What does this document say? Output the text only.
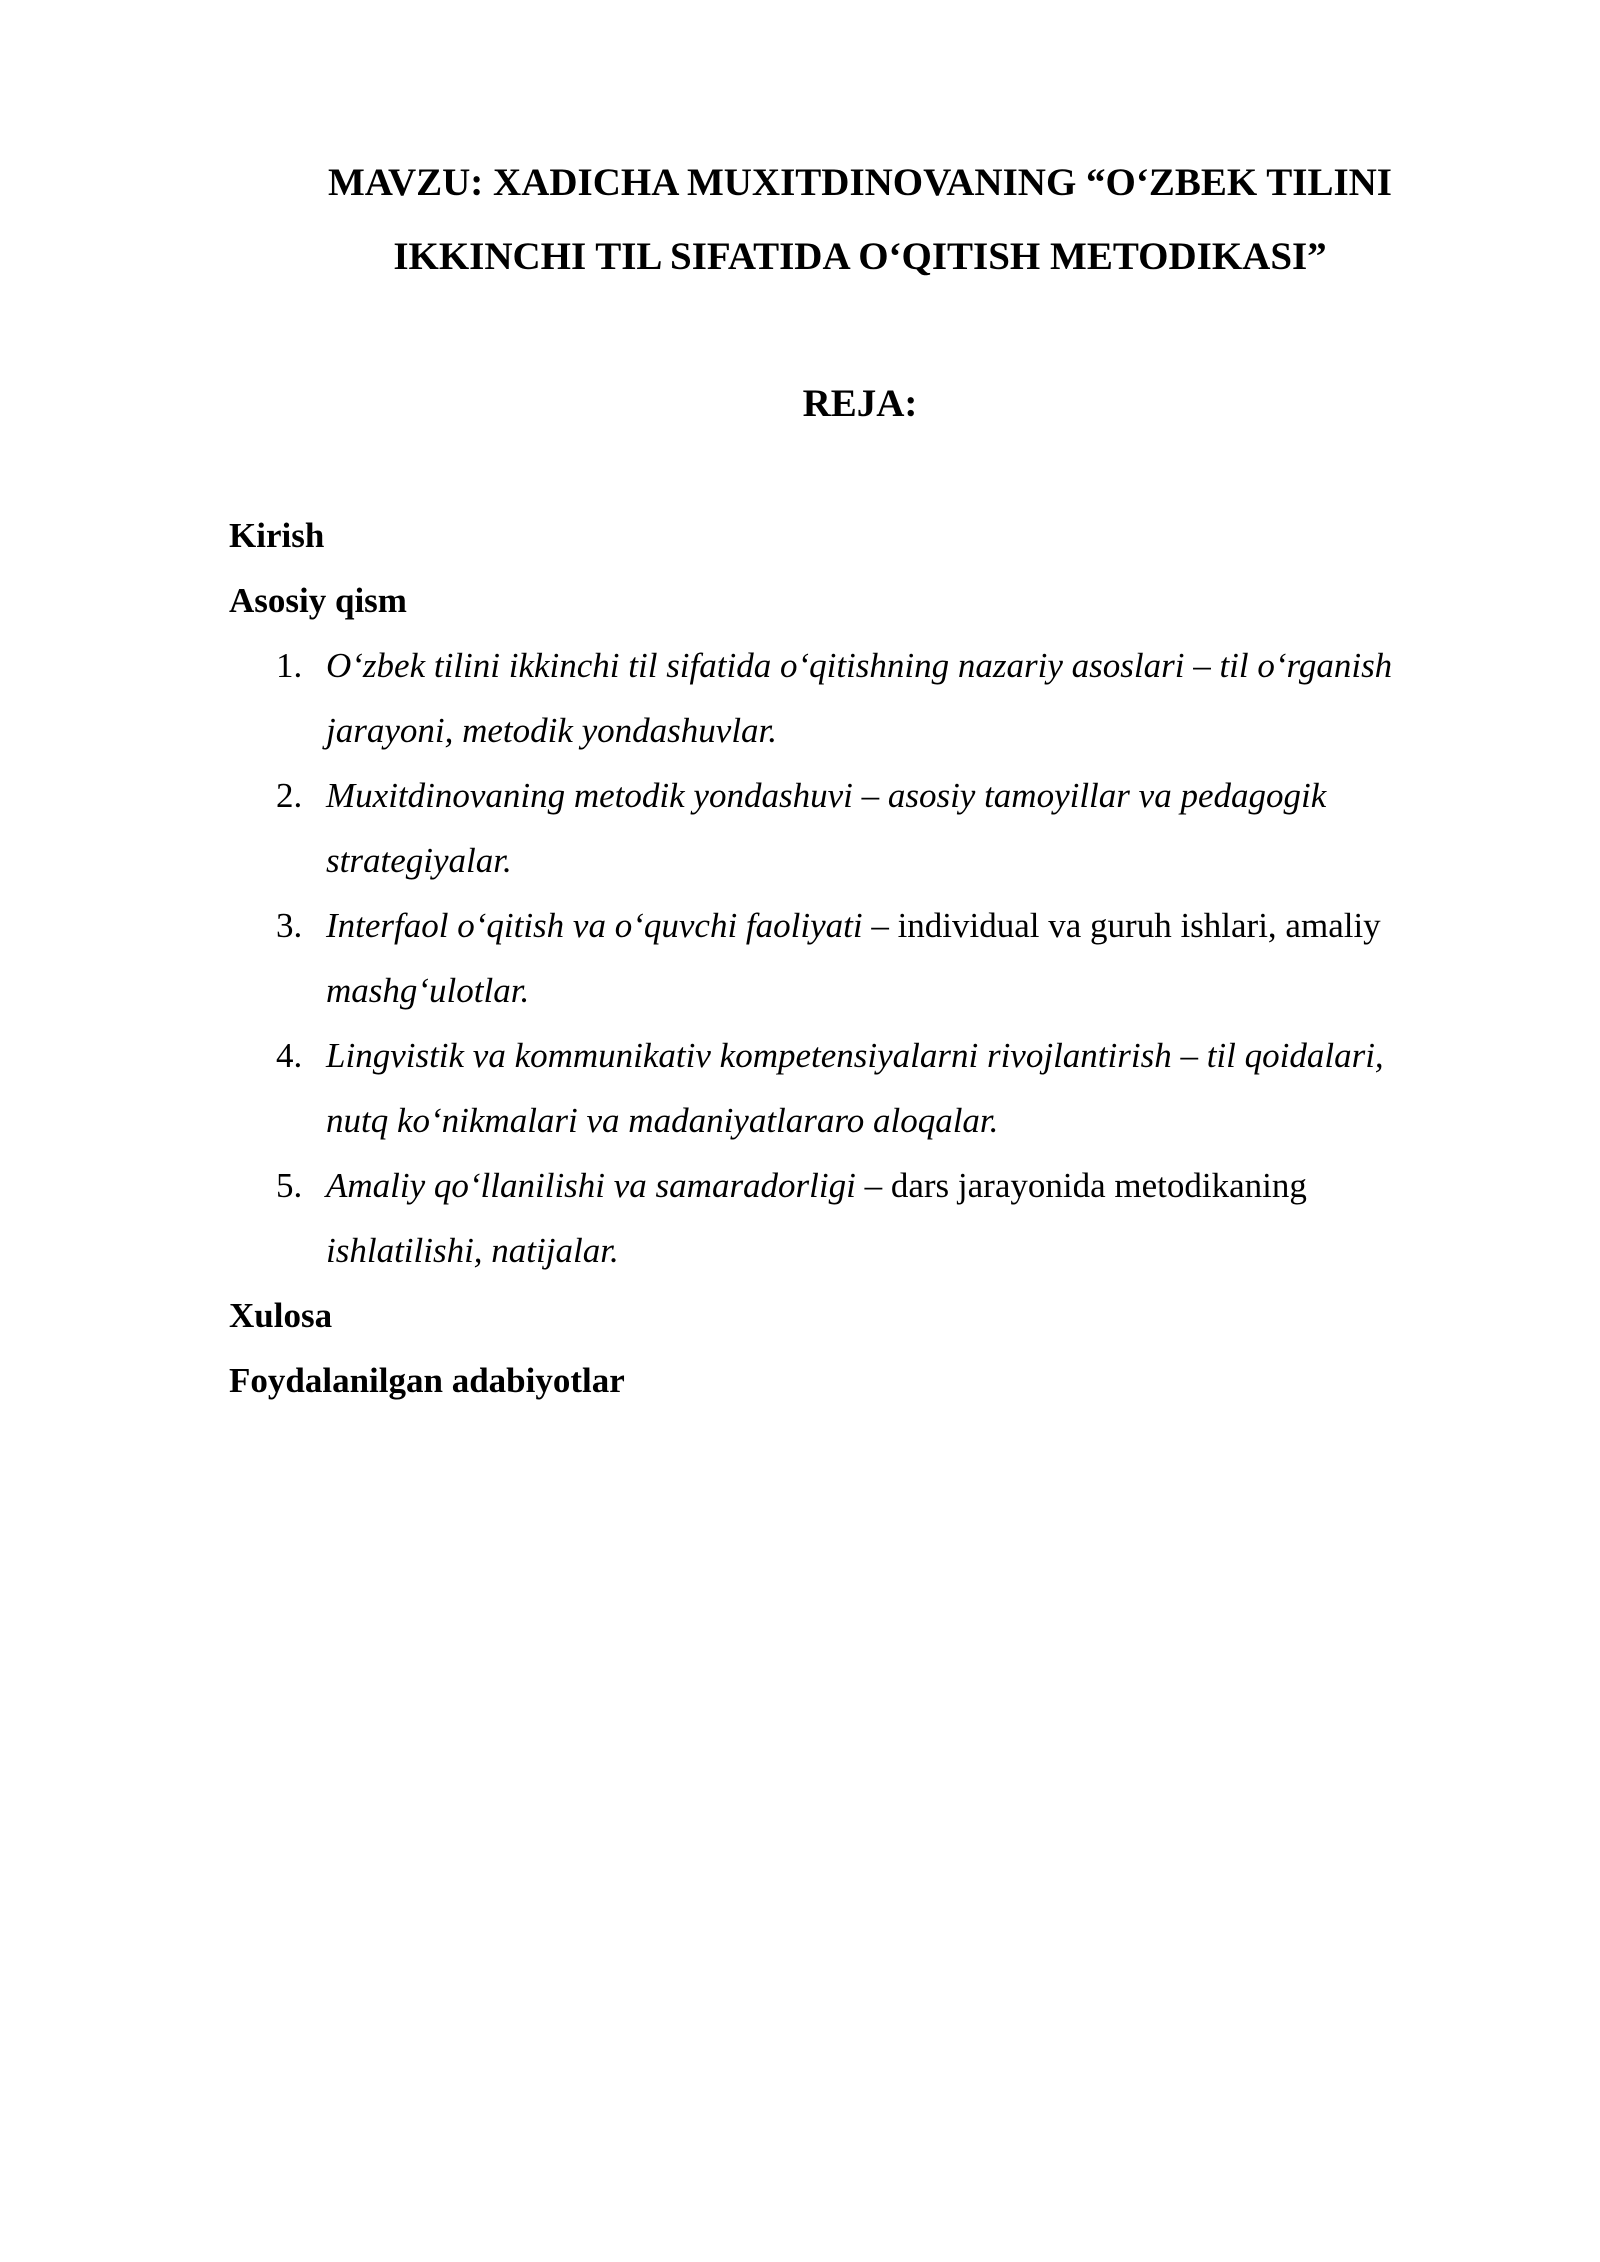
MAVZU: XADICHA MUXITDINOVANING “O‘ZBEK TILINI
IKKINCHI TIL SIFATIDA O‘QITISH METODIKASI”
REJA:

Kirish

Asosiy qism

1. O‘zbek tilini ikkinchi til sifatida o‘qitishning nazariy asoslari – til o‘rganish
jarayoni, metodik yondashuvlar.
2. Muxitdinovaning metodik yondashuvi – asosiy tamoyillar va pedagogik
strategiyalar.
3. Interfaol o‘qitish va o‘quvchi faoliyati – individual va guruh ishlari, amaliy
mashg‘ulotlar.
4. Lingvistik va kommunikativ kompetensiyalarni rivojlantirish – til qoidalari,
nutq ko‘nikmalari va madaniyatlararo aloqalar.
5. Amaliy qo‘llanilishi va samaradorligi – dars jarayonida metodikaning
ishlatilishi, natijalar.

Xulosa

Foydalanilgan adabiyotlar
